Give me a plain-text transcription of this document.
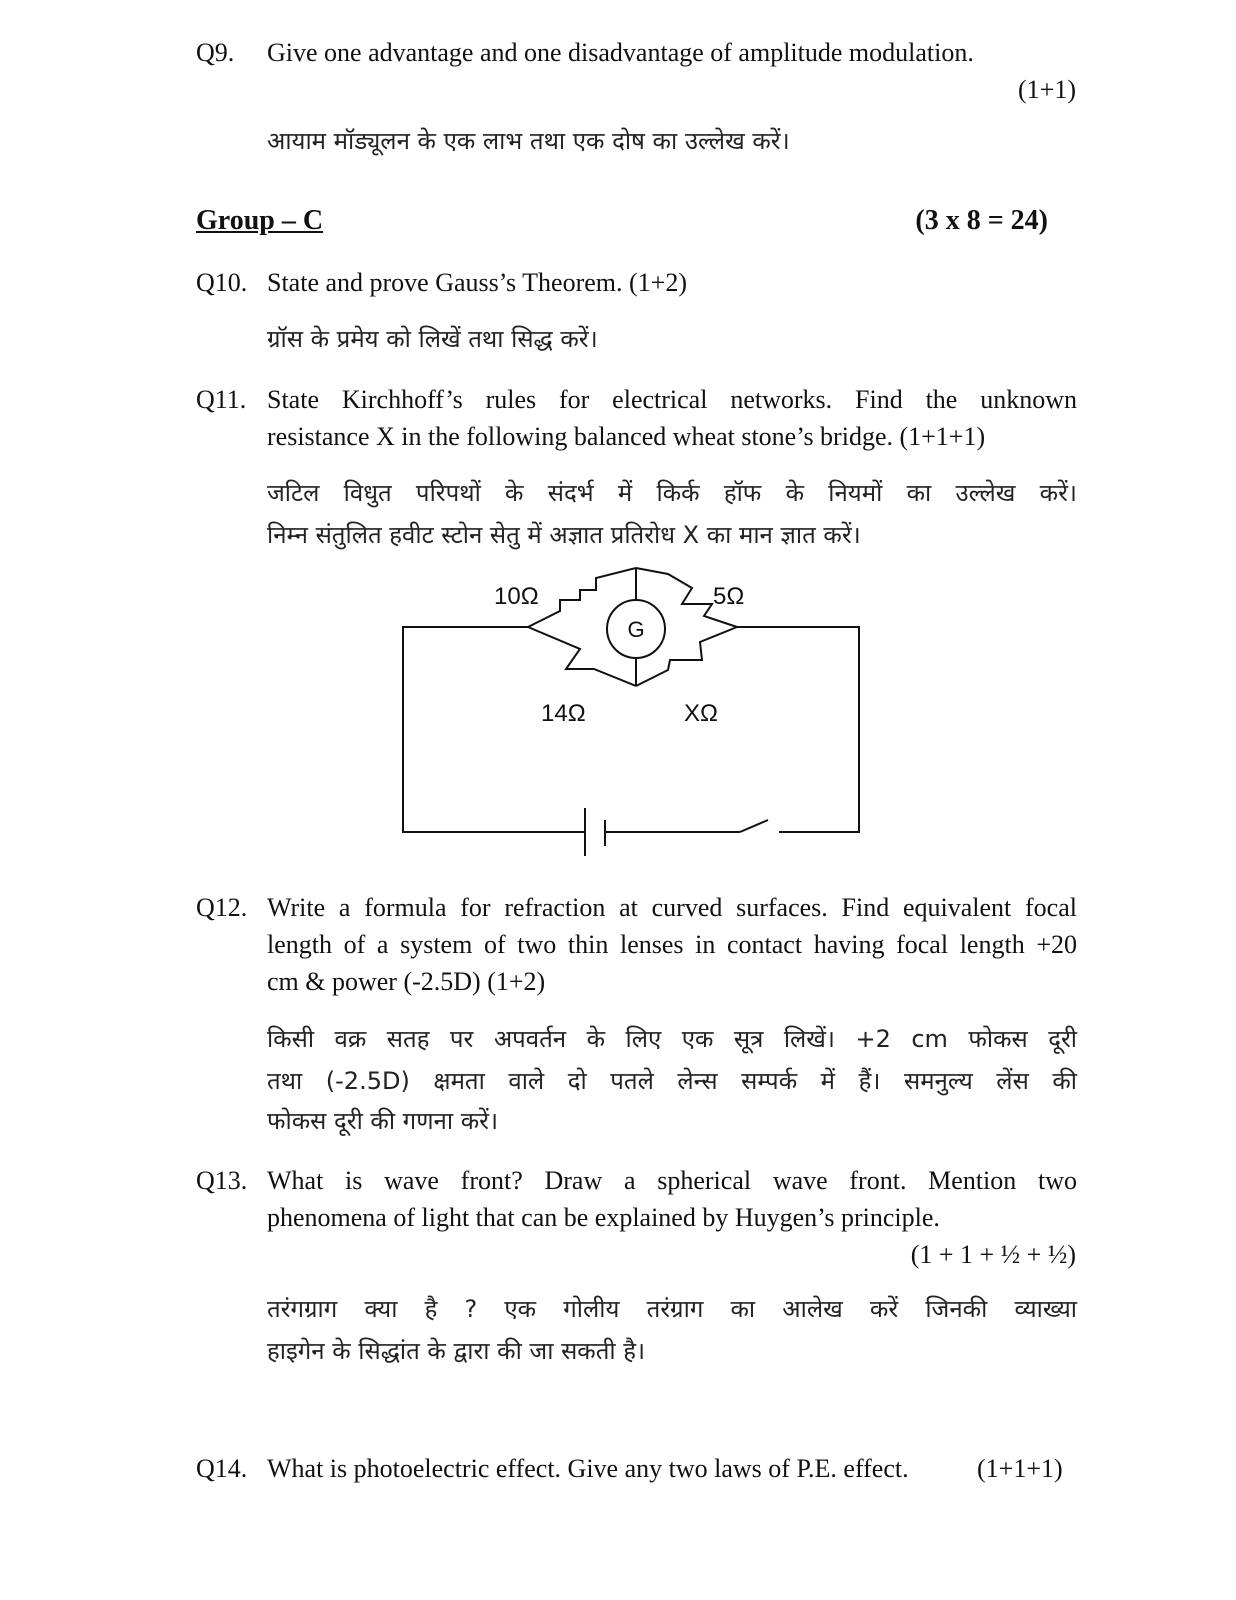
Q9. Give one advantage and one disadvantage of amplitude modulation.
(1+1)
आयाम मॉड्यूलन के एक लाभ तथा एक दोष का उल्लेख करें।
Group – C	(3 x 8 = 24)
Q10. State and prove Gauss’s Theorem. (1+2)
ग्रॉस के प्रमेय को लिखें तथा सिद्ध करें।
Q11. State Kirchhoff’s rules for electrical networks. Find the unknown
resistance X in the following balanced wheat stone’s bridge. (1+1+1)
जटिल विधुत परिपथों के संदर्भ में किर्क हॉफ के नियमों का उल्लेख करें।
निम्न संतुलित हवीट स्टोन सेतु में अज्ञात प्रतिरोध X का मान ज्ञात करें।
10Ω	5Ω
14Ω	XΩ
G
Q12. Write a formula for refraction at curved surfaces. Find equivalent focal
length of a system of two thin lenses in contact having focal length +20
cm & power (-2.5D) (1+2)
किसी वक्र सतह पर अपवर्तन के लिए एक सूत्र लिखें। +2 cm फोकस दूरी
तथा (-2.5D) क्षमता वाले दो पतले लेन्स सम्पर्क में हैं। समनुल्य लेंस की
फोकस दूरी की गणना करें।
Q13. What is wave front? Draw a spherical wave front. Mention two
phenomena of light that can be explained by Huygen’s principle.
(1 + 1 + ½ + ½)
तरंगग्राग क्या है ? एक गोलीय तरंग्राग का आलेख करें जिनकी व्याख्या
हाइगेन के सिद्धांत के द्वारा की जा सकती है।
Q14. What is photoelectric effect. Give any two laws of P.E. effect.	(1+1+1)
